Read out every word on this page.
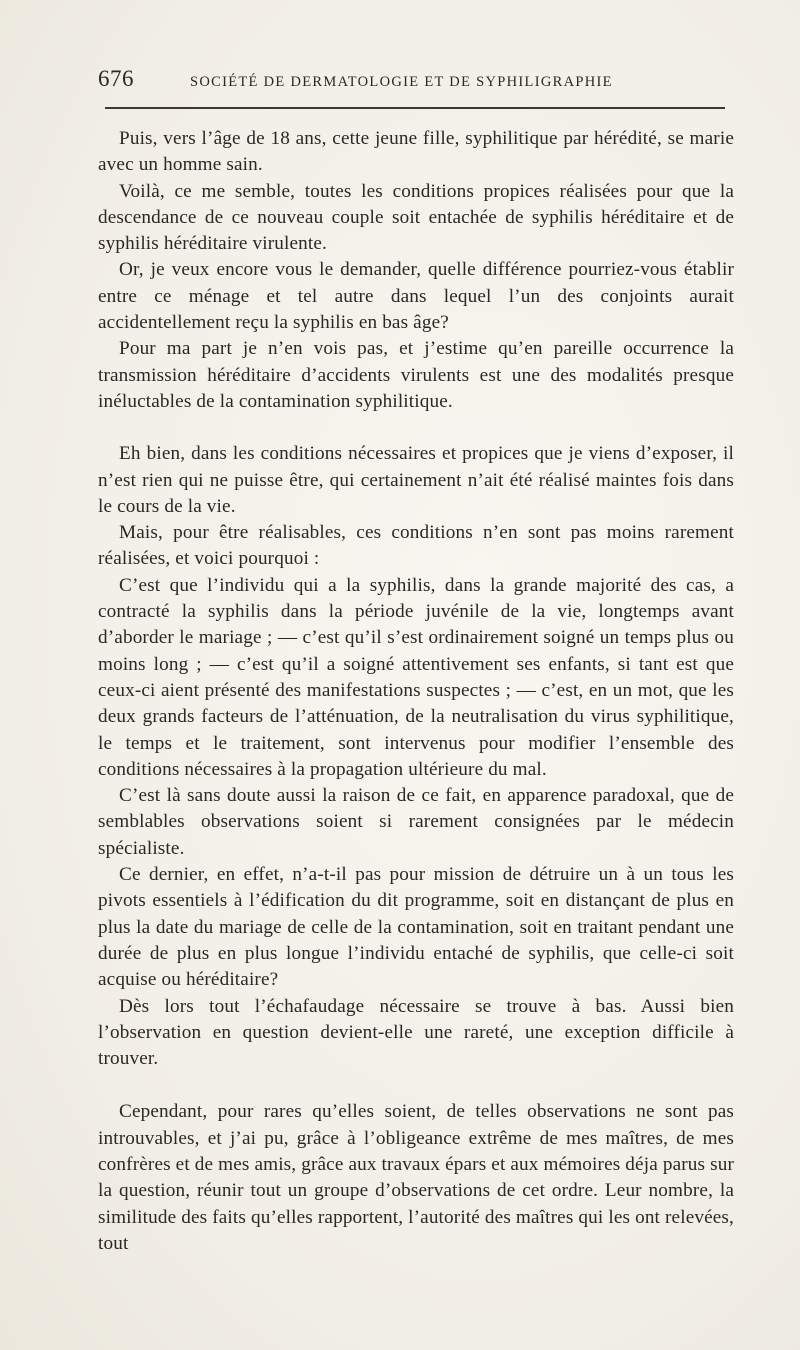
676	SOCIÉTÉ DE DERMATOLOGIE ET DE SYPHILIGRAPHIE

Puis, vers l’âge de 18 ans, cette jeune fille, syphilitique par hérédité, se marie avec un homme sain.

Voilà, ce me semble, toutes les conditions propices réalisées pour que la descendance de ce nouveau couple soit entachée de syphilis héréditaire et de syphilis héréditaire virulente.

Or, je veux encore vous le demander, quelle différence pourriez-vous établir entre ce ménage et tel autre dans lequel l’un des conjoints aurait accidentellement reçu la syphilis en bas âge?

Pour ma part je n’en vois pas, et j’estime qu’en pareille occurrence la transmission héréditaire d’accidents virulents est une des modalités presque inéluctables de la contamination syphilitique.

Eh bien, dans les conditions nécessaires et propices que je viens d’exposer, il n’est rien qui ne puisse être, qui certainement n’ait été réalisé maintes fois dans le cours de la vie.

Mais, pour être réalisables, ces conditions n’en sont pas moins rarement réalisées, et voici pourquoi :

C’est que l’individu qui a la syphilis, dans la grande majorité des cas, a contracté la syphilis dans la période juvénile de la vie, longtemps avant d’aborder le mariage ; — c’est qu’il s’est ordinairement soigné un temps plus ou moins long ; — c’est qu’il a soigné attentivement ses enfants, si tant est que ceux-ci aient présenté des manifestations suspectes ; — c’est, en un mot, que les deux grands facteurs de l’atténuation, de la neutralisation du virus syphilitique, le temps et le traitement, sont intervenus pour modifier l’ensemble des conditions nécessaires à la propagation ultérieure du mal.

C’est là sans doute aussi la raison de ce fait, en apparence paradoxal, que de semblables observations soient si rarement consignées par le médecin spécialiste.

Ce dernier, en effet, n’a-t-il pas pour mission de détruire un à un tous les pivots essentiels à l’édification du dit programme, soit en distançant de plus en plus la date du mariage de celle de la contamination, soit en traitant pendant une durée de plus en plus longue l’individu entaché de syphilis, que celle-ci soit acquise ou héréditaire?

Dès lors tout l’échafaudage nécessaire se trouve à bas. Aussi bien l’observation en question devient-elle une rareté, une exception difficile à trouver.

Cependant, pour rares qu’elles soient, de telles observations ne sont pas introuvables, et j’ai pu, grâce à l’obligeance extrême de mes maîtres, de mes confrères et de mes amis, grâce aux travaux épars et aux mémoires déja parus sur la question, réunir tout un groupe d’observations de cet ordre. Leur nombre, la similitude des faits qu’elles rapportent, l’autorité des maîtres qui les ont relevées, tout
